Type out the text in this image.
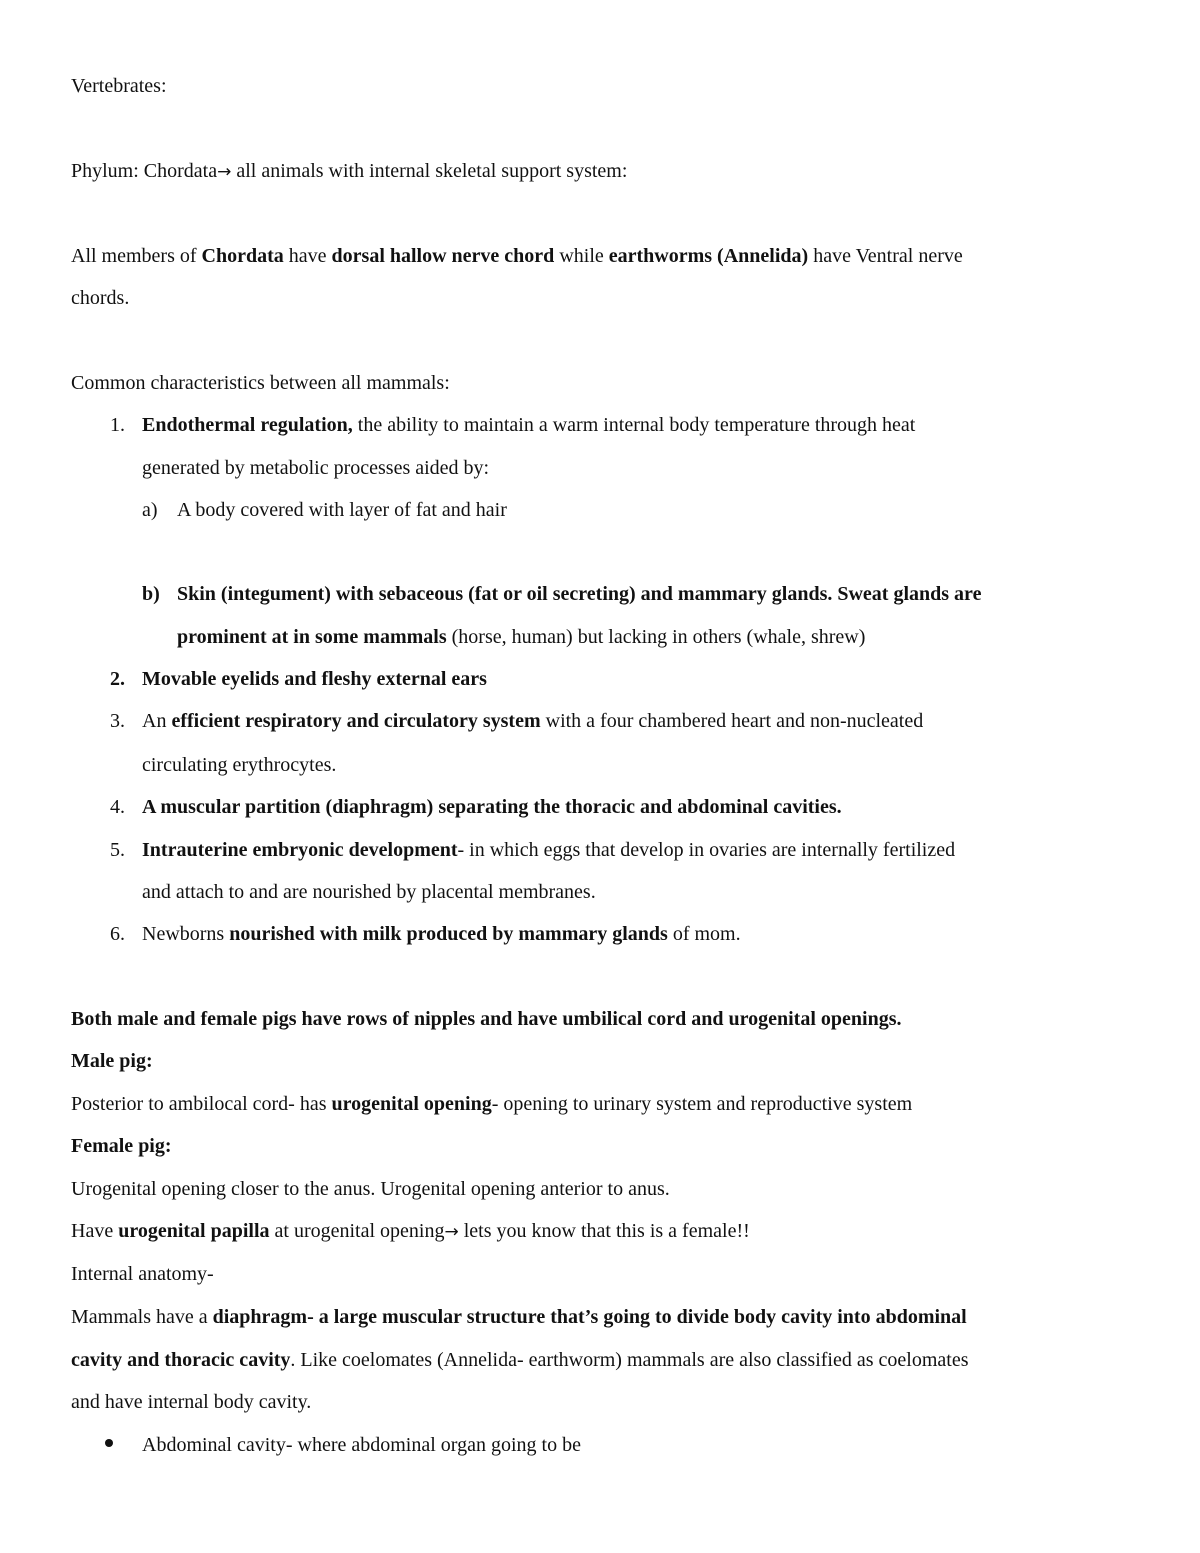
Vertebrates:
Phylum: Chordata→ all animals with internal skeletal support system:
All members of Chordata have dorsal hallow nerve chord while earthworms (Annelida) have Ventral nerve
chords.
Common characteristics between all mammals:
1. Endothermal regulation, the ability to maintain a warm internal body temperature through heat
generated by metabolic processes aided by:
a) A body covered with layer of fat and hair
b) Skin (integument) with sebaceous (fat or oil secreting) and mammary glands. Sweat glands are
prominent at in some mammals (horse, human) but lacking in others (whale, shrew)
2. Movable eyelids and fleshy external ears
3. An efficient respiratory and circulatory system with a four chambered heart and non-nucleated
circulating erythrocytes.
4. A muscular partition (diaphragm) separating the thoracic and abdominal cavities.
5. Intrauterine embryonic development- in which eggs that develop in ovaries are internally fertilized
and attach to and are nourished by placental membranes.
6. Newborns nourished with milk produced by mammary glands of mom.
Both male and female pigs have rows of nipples and have umbilical cord and urogenital openings.
Male pig:
Posterior to ambilocal cord- has urogenital opening- opening to urinary system and reproductive system
Female pig:
Urogenital opening closer to the anus. Urogenital opening anterior to anus.
Have urogenital papilla at urogenital opening→ lets you know that this is a female!!
Internal anatomy-
Mammals have a diaphragm- a large muscular structure that’s going to divide body cavity into abdominal
cavity and thoracic cavity. Like coelomates (Annelida- earthworm) mammals are also classified as coelomates
and have internal body cavity.
Abdominal cavity- where abdominal organ going to be
